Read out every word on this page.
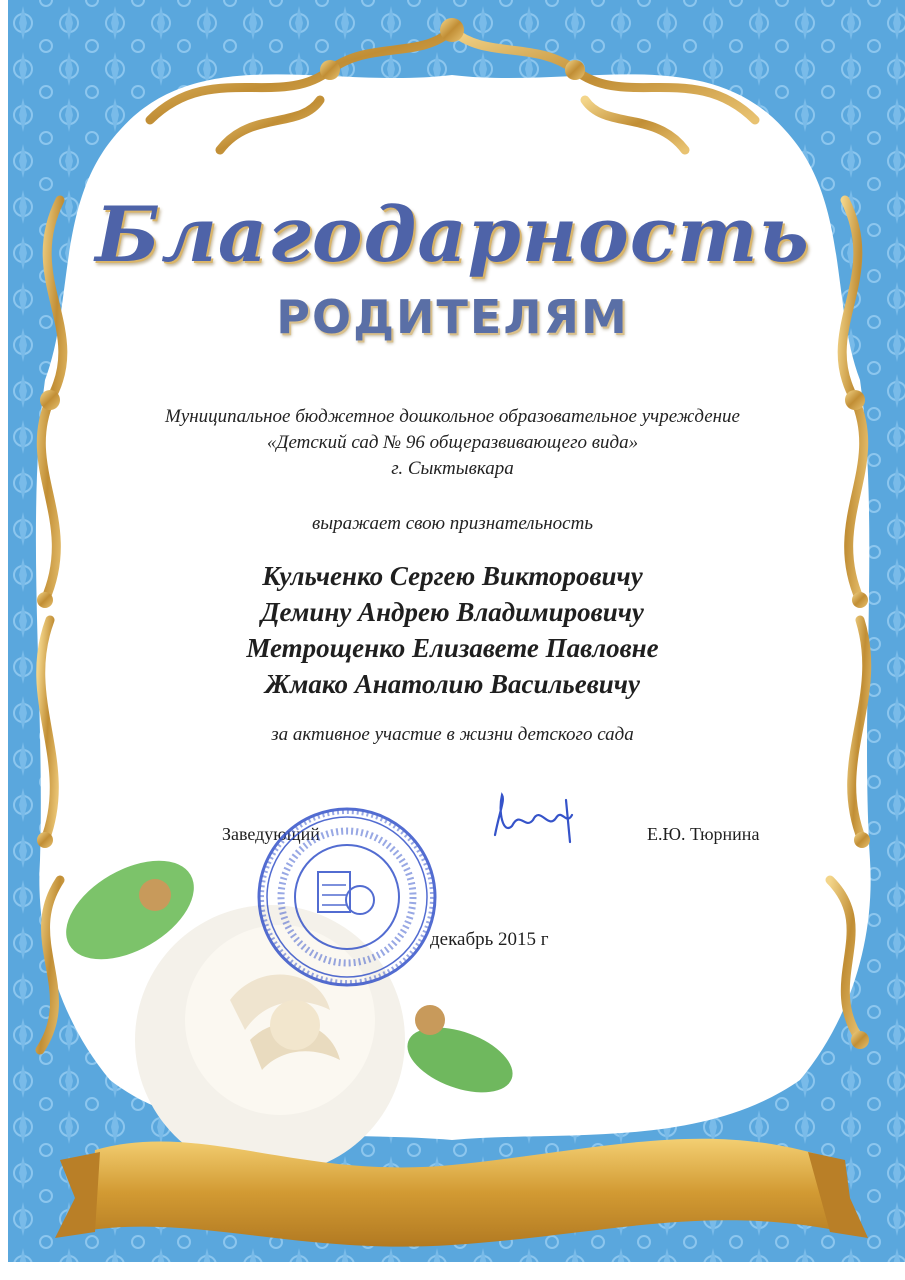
Благодарность
РОДИТЕЛЯМ
Муниципальное бюджетное дошкольное образовательное учреждение
«Детский сад № 96 общеразвивающего вида»
г. Сыктывкара
выражает свою признательность
Кульченко Сергею Викторовичу
Демину Андрею Владимировичу
Метрощенко Елизавете Павловне
Жмако Анатолию Васильевичу
за активное участие в жизни детского сада
Заведующий	Е.Ю. Тюрнина
декабрь 2015 г
